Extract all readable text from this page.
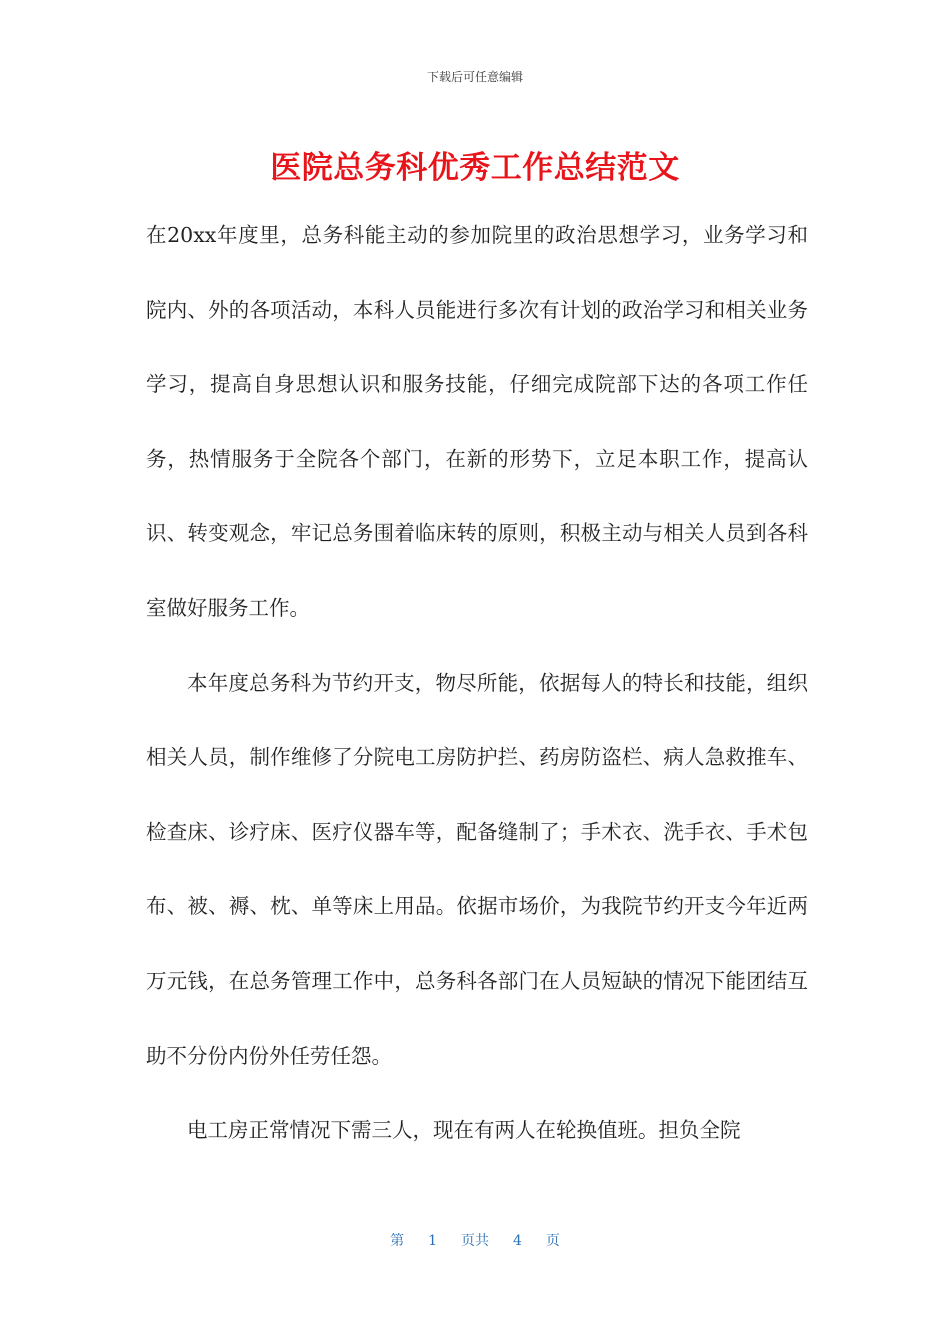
下载后可任意编辑
医院总务科优秀工作总结范文

在20xx年度里，总务科能主动的参加院里的政治思想学习，业务学习和院内、外的各项活动，本科人员能进行多次有计划的政治学习和相关业务学习，提高自身思想认识和服务技能，仔细完成院部下达的各项工作任务，热情服务于全院各个部门，在新的形势下，立足本职工作，提高认识、转变观念，牢记总务围着临床转的原则，积极主动与相关人员到各科室做好服务工作。

本年度总务科为节约开支，物尽所能，依据每人的特长和技能，组织相关人员，制作维修了分院电工房防护拦、药房防盗栏、病人急救推车、检查床、诊疗床、医疗仪器车等，配备缝制了；手术衣、洗手衣、手术包布、被、褥、枕、单等床上用品。依据市场价，为我院节约开支今年近两万元钱，在总务管理工作中，总务科各部门在人员短缺的情况下能团结互助不分份内份外任劳任怨。

电工房正常情况下需三人，现在有两人在轮换值班。担负全院

第 1 页共 4 页
